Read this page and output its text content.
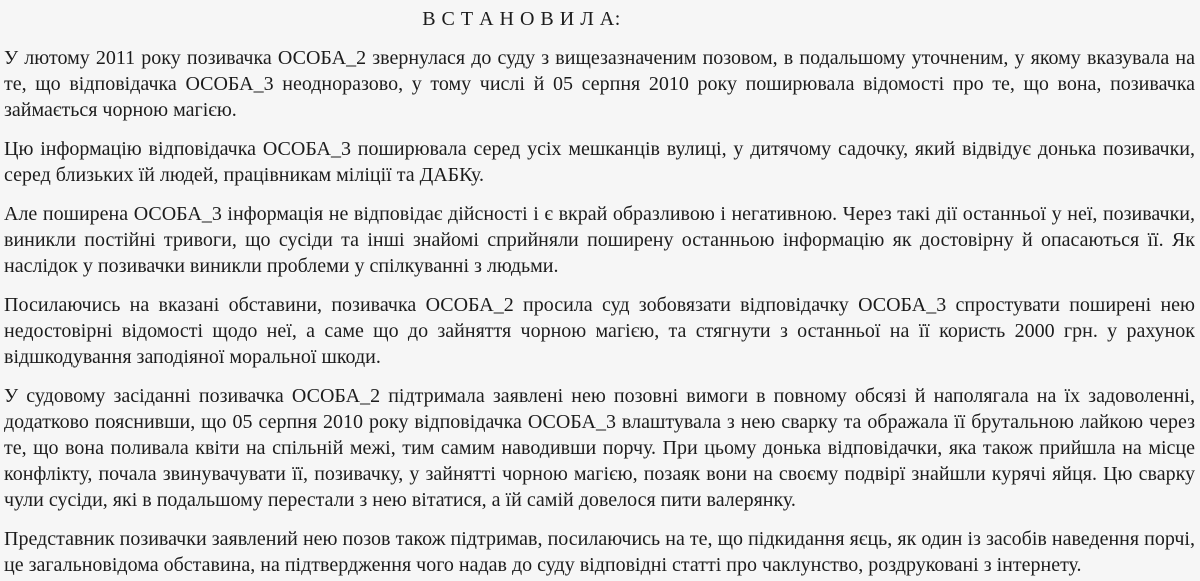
В С Т А Н О В И Л А:

У лютому 2011 року позивачка ОСОБА_2 звернулася до суду з вищезазначеним позовом, в подальшому уточненим, у якому вказувала на те, що відповідачка ОСОБА_3 неодноразово, у тому числі й 05 серпня 2010 року поширювала відомості про те, що вона, позивачка займається чорною магією.

Цю інформацію відповідачка ОСОБА_3 поширювала серед усіх мешканців вулиці, у дитячому садочку, який відвідує донька позивачки, серед близьких їй людей, працівникам міліції та ДАБКу.

Але поширена ОСОБА_3 інформація не відповідає дійсності і є вкрай образливою і негативною. Через такі дії останньої у неї, позивачки, виникли постійні тривоги, що сусіди та інші знайомі сприйняли поширену останньою інформацію як достовірну й опасаються її. Як наслідок у позивачки виникли проблеми у спілкуванні з людьми.

Посилаючись на вказані обставини, позивачка ОСОБА_2 просила суд зобовязати відповідачку ОСОБА_3 спростувати поширені нею недостовірні відомості щодо неї, а саме що до зайняття чорною магією, та стягнути з останньої на її користь 2000 грн. у рахунок відшкодування заподіяної моральної шкоди.

У судовому засіданні позивачка ОСОБА_2 підтримала заявлені нею позовні вимоги в повному обсязі й наполягала на їх задоволенні, додатково пояснивши, що 05 серпня 2010 року відповідачка ОСОБА_3 влаштувала з нею сварку та ображала її брутальною лайкою через те, що вона поливала квіти на спільній межі, тим самим наводивши порчу. При цьому донька відповідачки, яка також прийшла на місце конфлікту, почала звинувачувати її, позивачку, у зайнятті чорною магією, позаяк вони на своєму подвірї знайшли курячі яйця. Цю сварку чули сусіди, які в подальшому перестали з нею вітатися, а їй самій довелося пити валерянку.

Представник позивачки заявлений нею позов також підтримав, посилаючись на те, що підкидання яєць, як один із засобів наведення порчі, це загальновідома обставина, на підтвердження чого надав до суду відповідні статті про чаклунство, роздруковані з інтернету.
